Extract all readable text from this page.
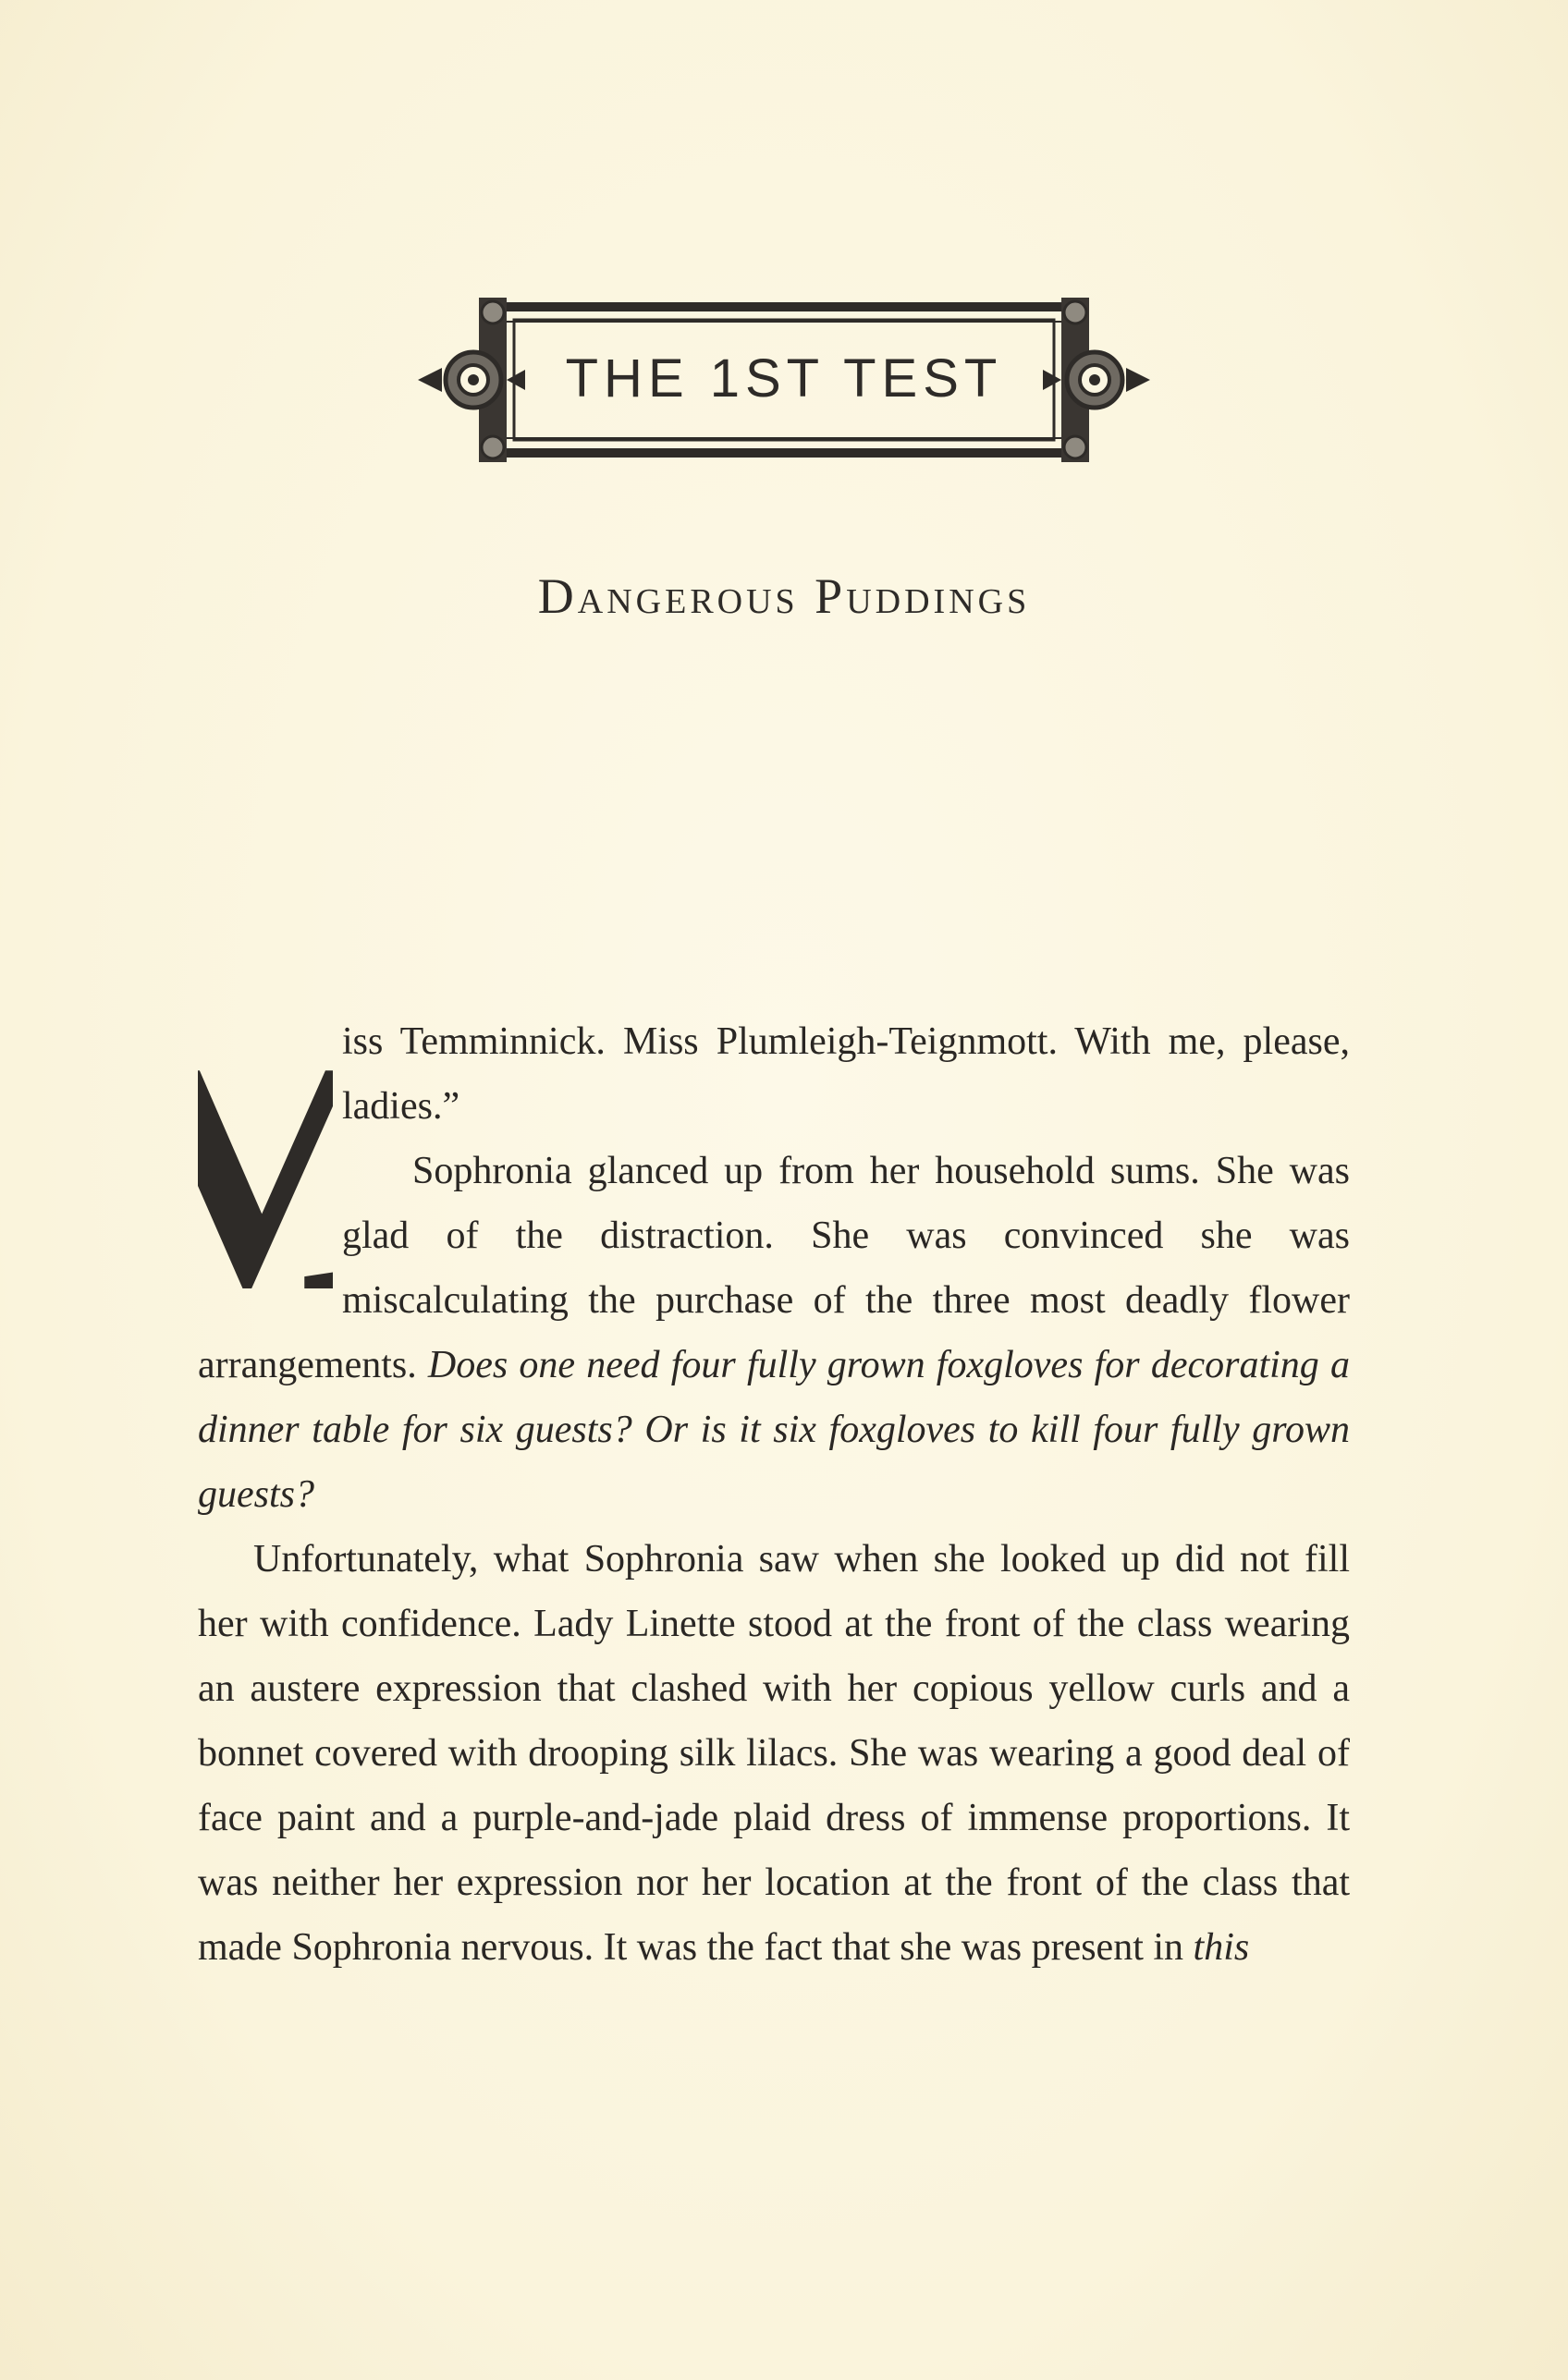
THE 1ST TEST
Dangerous Puddings

iss Temminnick. Miss Plumleigh-Teignmott. With me, please, ladies.”

Sophronia glanced up from her household sums. She was glad of the distraction. She was convinced she was miscalculating the purchase of the three most deadly flower arrangements. Does one need four fully grown foxgloves for decorating a dinner table for six guests? Or is it six foxgloves to kill four fully grown guests?

Unfortunately, what Sophronia saw when she looked up did not fill her with confidence. Lady Linette stood at the front of the class wearing an austere expression that clashed with her copious yellow curls and a bonnet covered with drooping silk lilacs. She was wearing a good deal of face paint and a purple-and-jade plaid dress of immense proportions. It was neither her expression nor her location at the front of the class that made Sophronia nervous. It was the fact that she was present in this
